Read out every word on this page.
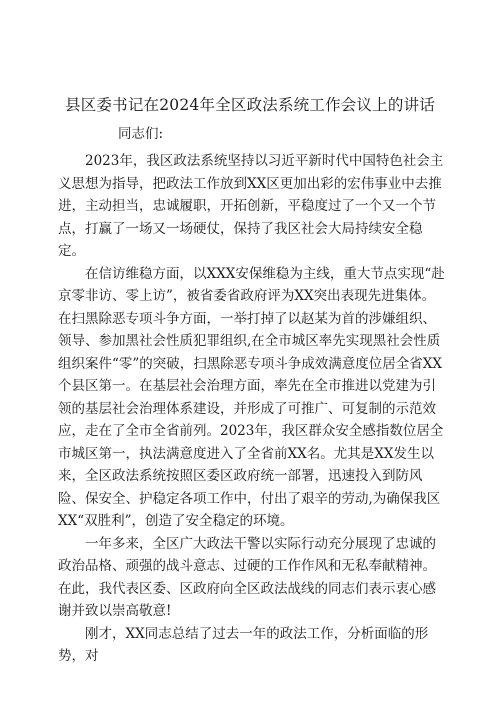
县区委书记在2024年全区政法系统工作会议上的讲话
同志们:

2023年，我区政法系统坚持以习近平新时代中国特色社会主义思想为指导，把政法工作放到XX区更加出彩的宏伟事业中去推进，主动担当，忠诚履职，开拓创新，平稳度过了一个又一个节点，打赢了一场又一场硬仗，保持了我区社会大局持续安全稳定。

在信访维稳方面，以XXX安保维稳为主线，重大节点实现“赴京零非访、零上访”，被省委省政府评为XX突出表现先进集体。在扫黑除恶专项斗争方面，一举打掉了以赵某为首的涉嫌组织、领导、参加黑社会性质犯罪组织,在全市城区率先实现黑社会性质组织案件“零”的突破，扫黑除恶专项斗争成效满意度位居全省XX个县区第一。在基层社会治理方面，率先在全市推进以党建为引领的基层社会治理体系建设，并形成了可推广、可复制的示范效应，走在了全市全省前列。2023年，我区群众安全感指数位居全市城区第一，执法满意度进入了全省前XX名。尤其是XX发生以来，全区政法系统按照区委区政府统一部署，迅速投入到防风险、保安全、护稳定各项工作中，付出了艰辛的劳动,为确保我区XX“双胜利”，创造了安全稳定的环境。

一年多来，全区广大政法干警以实际行动充分展现了忠诚的政治品格、顽强的战斗意志、过硬的工作作风和无私奉献精神。

在此，我代表区委、区政府向全区政法战线的同志们表示衷心感谢并致以崇高敬意!

刚才，XX同志总结了过去一年的政法工作，分析面临的形势，对
